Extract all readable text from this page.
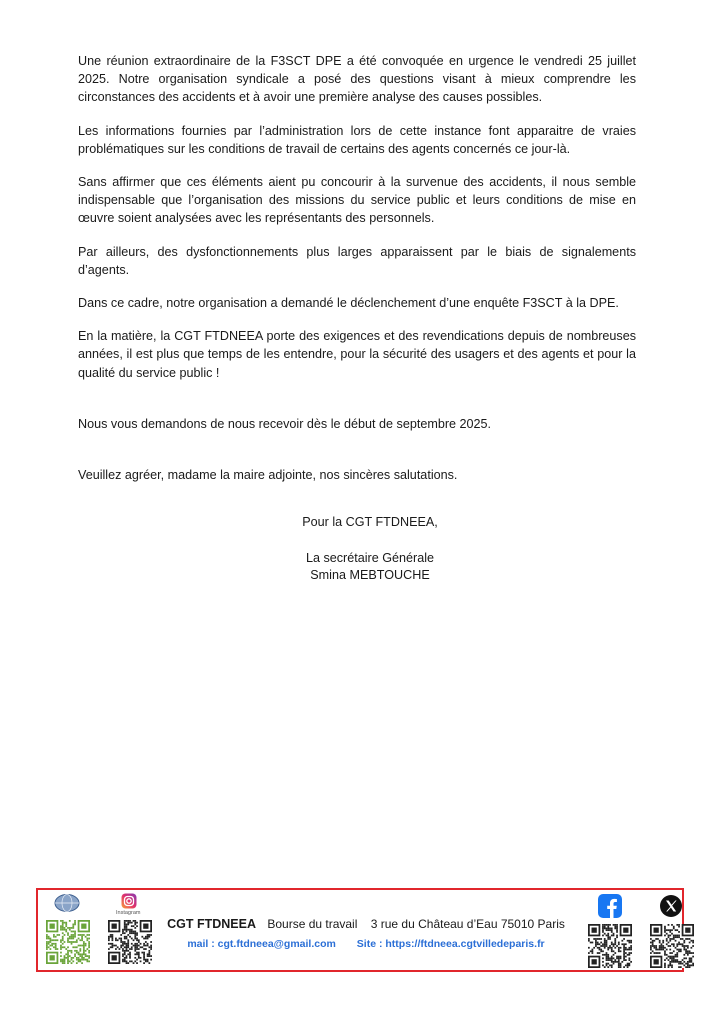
Une réunion extraordinaire de la F3SCT DPE a été convoquée en urgence le vendredi 25 juillet 2025. Notre organisation syndicale a posé des questions visant à mieux comprendre les circonstances des accidents et à avoir une première analyse des causes possibles.

Les informations fournies par l’administration lors de cette instance font apparaitre de vraies problématiques sur les conditions de travail de certains des agents concernés ce jour-là.

Sans affirmer que ces éléments aient pu concourir à la survenue des accidents, il nous semble indispensable que l’organisation des missions du service public et leurs conditions de mise en œuvre soient analysées avec les représentants des personnels.

Par ailleurs, des dysfonctionnements plus larges apparaissent par le biais de signalements d’agents.

Dans ce cadre, notre organisation a demandé le déclenchement d’une enquête F3SCT à la DPE.

En la matière, la CGT FTDNEEA porte des exigences et des revendications depuis de nombreuses années, il est plus que temps de les entendre, pour la sécurité des usagers et des agents et pour la qualité du service public !

Nous vous demandons de nous recevoir dès le début de septembre 2025.

Veuillez agréer, madame la maire adjointe, nos sincères salutations.

Pour la CGT FTDNEEA,
La secrétaire Générale
Smina MEBTOUCHE
Instagram
CGT FTDNEEA Bourse du travail 3 rue du Château d’Eau 75010 Paris
mail : cgt.ftdneea@gmail.com Site : https://ftdneea.cgtvilledeparis.fr
